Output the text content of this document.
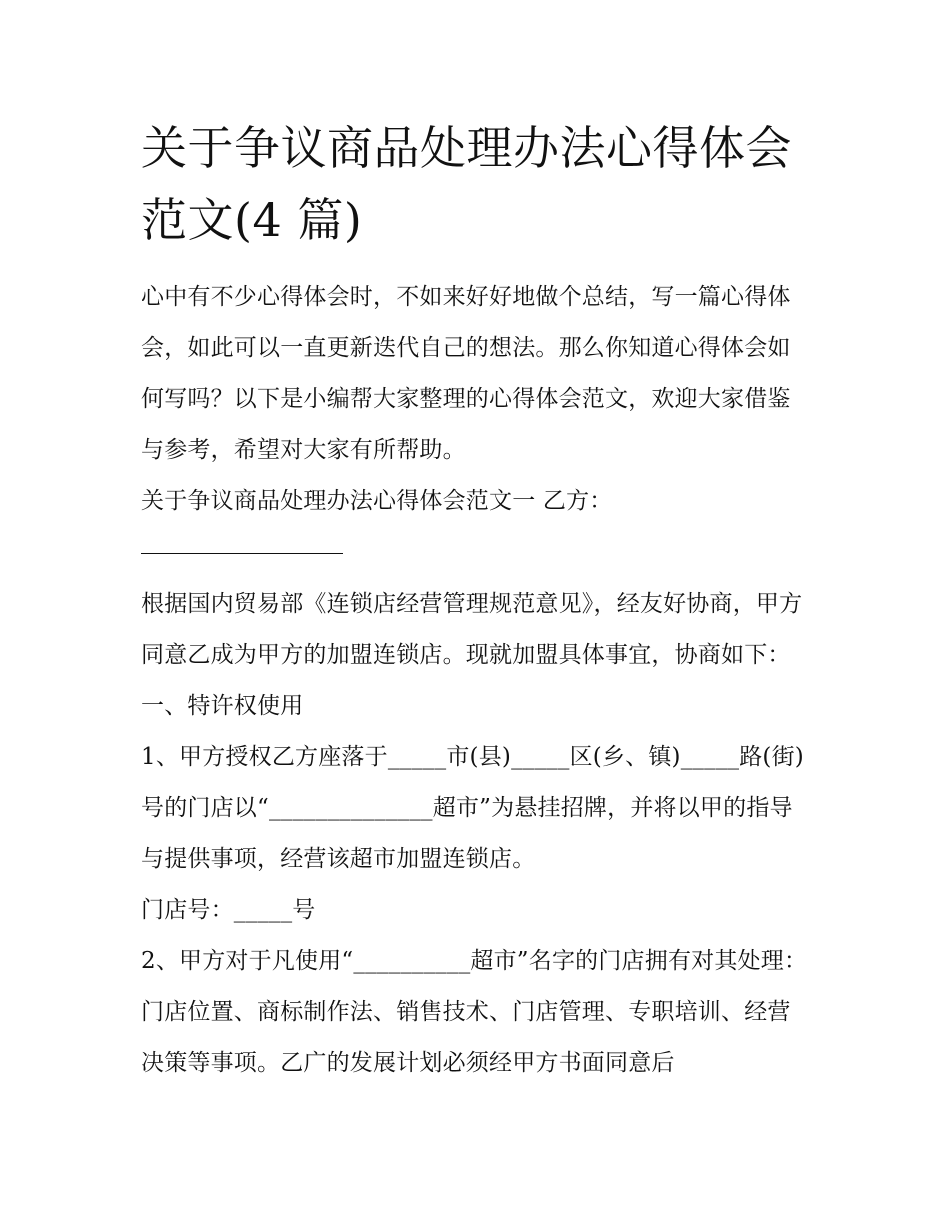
关于争议商品处理办法心得体会范文(4 篇)

心中有不少心得体会时，不如来好好地做个总结，写一篇心得体会，如此可以一直更新迭代自己的想法。那么你知道心得体会如何写吗？以下是小编帮大家整理的心得体会范文，欢迎大家借鉴与参考，希望对大家有所帮助。

关于争议商品处理办法心得体会范文一 乙方：

根据国内贸易部《连锁店经营管理规范意见》，经友好协商，甲方同意乙成为甲方的加盟连锁店。现就加盟具体事宜，协商如下： 一、特许权使用

1、甲方授权乙方座落于_____市(县)_____区(乡、镇)_____路(街)号的门店以“______________超市”为悬挂招牌，并将以甲的指导与提供事项，经营该超市加盟连锁店。

门店号：_____号

2、甲方对于凡使用“__________超市”名字的门店拥有对其处理：门店位置、商标制作法、销售技术、门店管理、专职培训、经营决策等事项。乙广的发展计划必须经甲方书面同意后
